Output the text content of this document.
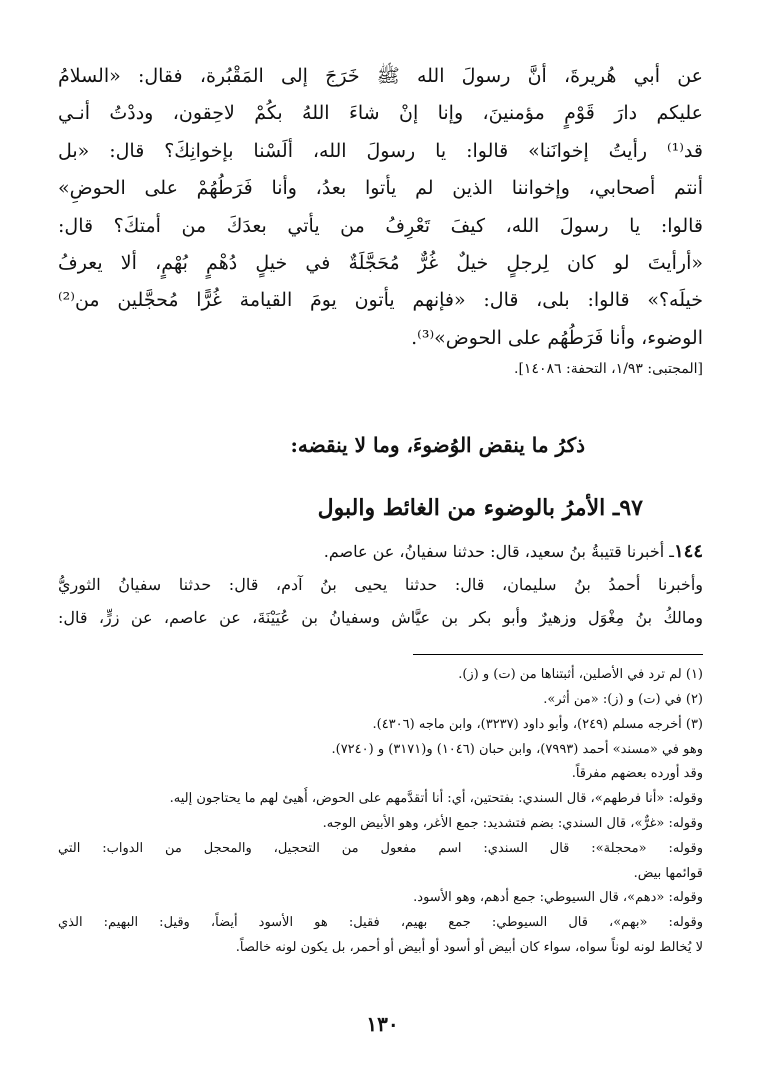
عن أبي هُريرةَ، أنَّ رسولَ الله ﷺ خَرَجَ إلى المَقْبُرة، فقال: «السلامُ

عليكم دارَ قَوْمٍ مؤمنينَ، وإنا إنْ شاءَ اللهُ بكُمْ لاحِقون، وددْتُ أنـي

قد⁽¹⁾ رأيتُ إخوانَنا» قالوا: يا رسولَ الله، ألَسْنا بإخوانِكَ؟ قال: «بل

أنتم أصحابي، وإخواننا الذين لم يأتوا بعدُ، وأنا فَرَطُهُمْ على الحوضِ»

قالوا: يا رسولَ الله، كيفَ تَعْرِفُ من يأتي بعدَكَ من أمتكَ؟ قال:

«أرأيتَ لو كان لِرجلٍ خيلٌ غُرٌّ مُحَجَّلَةٌ في خيلٍ دُهْمٍ بُهْمٍ، ألا يعرفُ

خيلَه؟» قالوا: بلى، قال: «فإنهم يأتون يومَ القيامة غُرًّا مُحجَّلين من⁽²⁾

الوضوء، وأنا فَرَطُهُم على الحوض»⁽³⁾.

[المجتبى: ١/٩٣، التحفة: ١٤٠٨٦].
ذكرُ ما ينقض الوُضوءَ، وما لا ينقضه:
٩٧ـ الأمرُ بالوضوء من الغائط والبول

١٤٤ـ أخبرنا قتيبةُ بنُ سعيد، قال: حدثنا سفيانُ، عن عاصم.

وأخبرنا أحمدُ بنُ سليمان، قال: حدثنا يحيى بنُ آدم، قال: حدثنا سفيانُ الثوريُّ

ومالكُ بنُ مِغْوَل وزهيرٌ وأبو بكر بن عيَّاش وسفيانُ بن عُيَيْنَةَ، عن عاصم، عن زرٍّ، قال:

(١) لم ترد في الأصلين، أثبتناها من (ت) و (ز).

(٢) في (ت) و (ز): «من أثر».

(٣) أخرجه مسلم (٢٤٩)، وأبو داود (٣٢٣٧)، وابن ماجه (٤٣٠٦).

وهو في «مسند» أحمد (٧٩٩٣)، وابن حبان (١٠٤٦) و(٣١٧١) و (٧٢٤٠).

وقد أورده بعضهم مفرقاً.

وقوله: «أنا فرطهم»، قال السندي: بفتحتين، أي: أنا أتقدَّمهم على الحوض، أُهيئ لهم ما يحتاجون إليه.

وقوله: «غرٌّ»، قال السندي: بضم فتشديد: جمع الأغر، وهو الأبيض الوجه.

وقوله: «محجلة»: قال السندي: اسم مفعول من التحجيل، والمحجل من الدواب: التي

قوائمها بيض.

وقوله: «دهم»، قال السيوطي: جمع أدهم، وهو الأسود.

وقوله: «بهم»، قال السيوطي: جمع بهيم، فقيل: هو الأسود أيضاً، وقيل: البهيم: الذي

لا يُخالط لونه لوناً سواه، سواء كان أبيض أو أسود أو أبيض أو أحمر، بل يكون لونه خالصاً.

١٣٠
